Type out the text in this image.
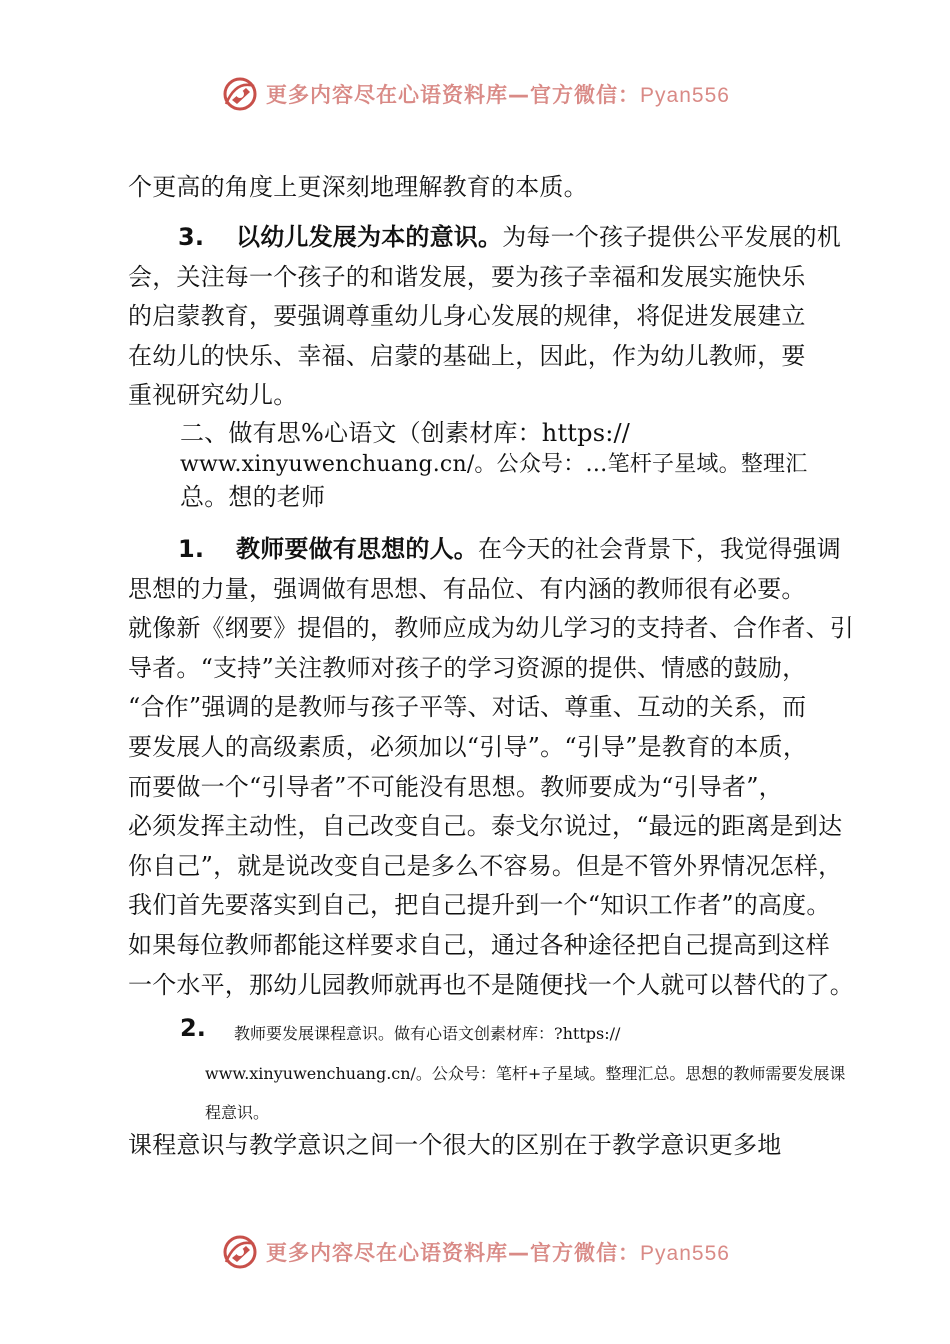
更多内容尽在心语资料库—官方微信：Pyan556
个更高的角度上更深刻地理解教育的本质。
3. 以幼儿发展为本的意识。为每一个孩子提供公平发展的机
会，关注每一个孩子的和谐发展，要为孩子幸福和发展实施快乐
的启蒙教育，要强调尊重幼儿身心发展的规律，将促进发展建立
在幼儿的快乐、幸福、启蒙的基础上，因此，作为幼儿教师，要
重视研究幼儿。
二、做有思%心语文（创素材库：https://
www.xinyuwenchuang.cn/。公众号：…笔杆子星域。整理汇
总。想的老师
1. 教师要做有思想的人。在今天的社会背景下，我觉得强调
思想的力量，强调做有思想、有品位、有内涵的教师很有必要。
就像新《纲要》提倡的，教师应成为幼儿学习的支持者、合作者、引
导者。“支持”关注教师对孩子的学习资源的提供、情感的鼓励，
“合作”强调的是教师与孩子平等、对话、尊重、互动的关系，而
要发展人的高级素质，必须加以“引导”。“引导”是教育的本质，
而要做一个“引导者”不可能没有思想。教师要成为“引导者”，
必须发挥主动性，自己改变自己。泰戈尔说过，“最远的距离是到达
你自己”，就是说改变自己是多么不容易。但是不管外界情况怎样，
我们首先要落实到自己，把自己提升到一个“知识工作者”的高度。
如果每位教师都能这样要求自己，通过各种途径把自己提高到这样
一个水平，那幼儿园教师就再也不是随便找一个人就可以替代的了。
2. 教师要发展课程意识。做有心语文创素材库：?https://
www.xinyuwenchuang.cn/。公众号：笔杆+子星域。整理汇总。思想的教师需要发展课
程意识。
课程意识与教学意识之间一个很大的区别在于教学意识更多地
更多内容尽在心语资料库—官方微信：Pyan556
